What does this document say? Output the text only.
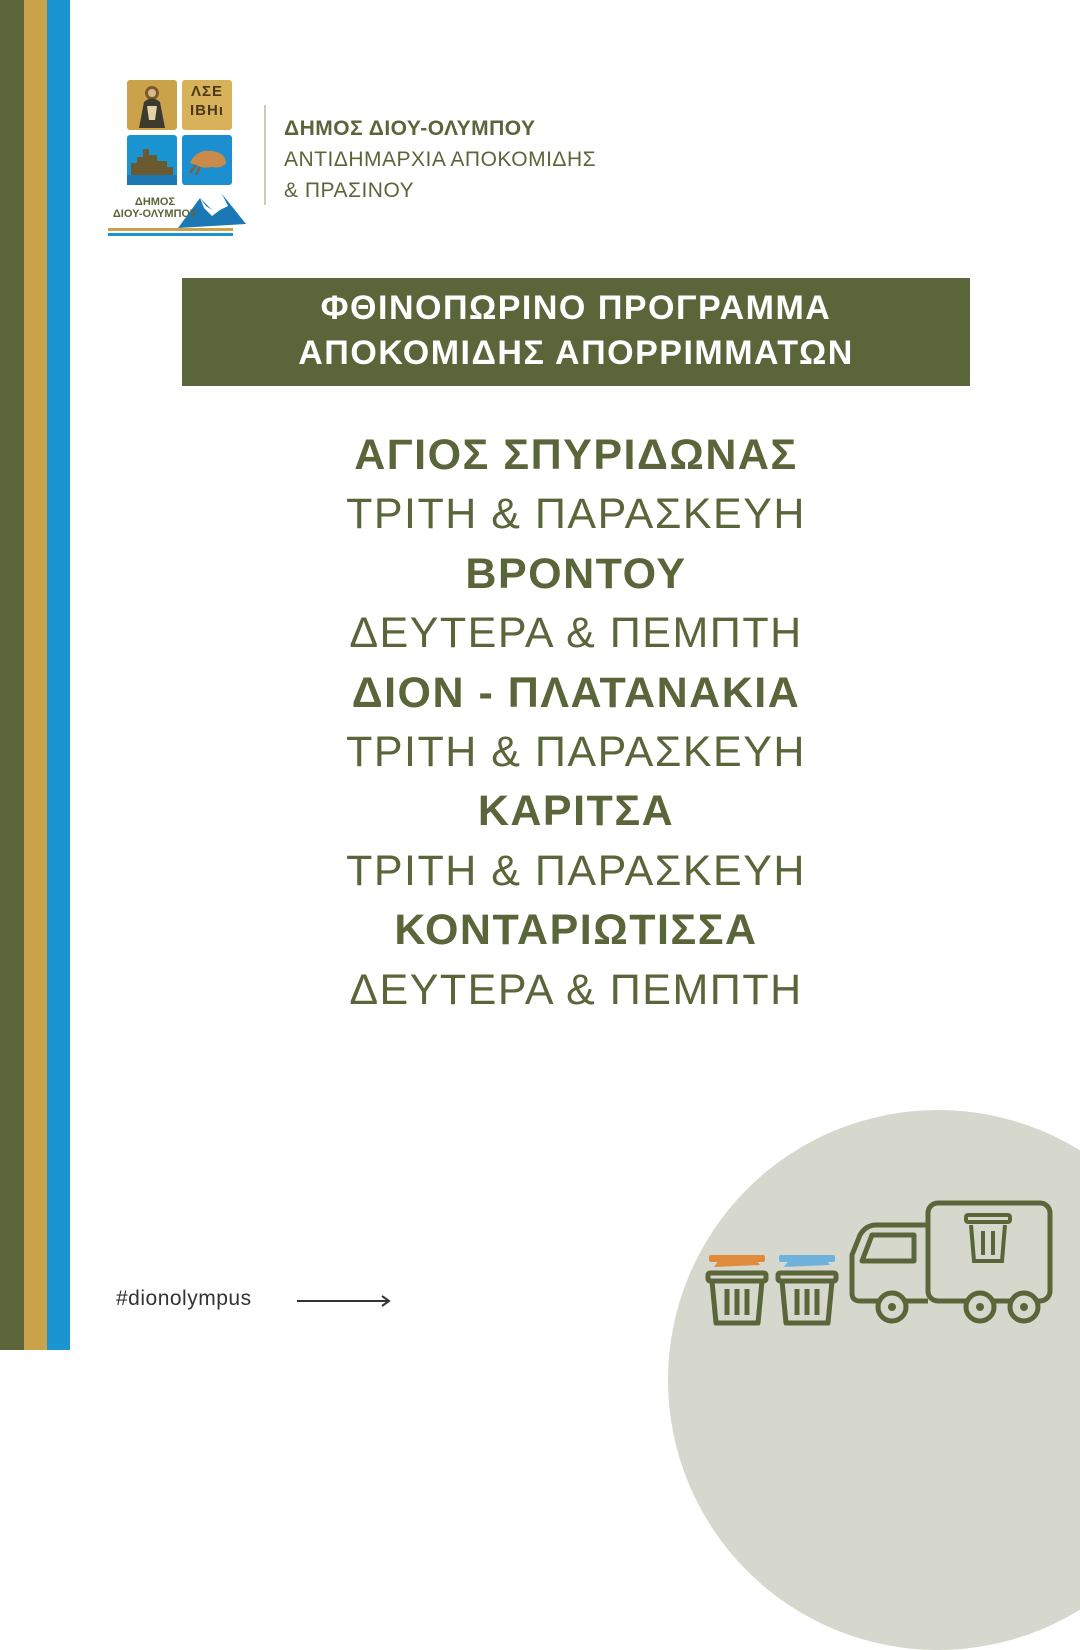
ΛΣΕ
ΙΒΗι
ΔΗΜΟΣ
ΔΙΟΥ-ΟΛΥΜΠΟΥ
ΔΗΜΟΣ ΔΙΟΥ-ΟΛΥΜΠΟΥ
ΑΝΤΙΔΗΜΑΡΧΙΑ ΑΠΟΚΟΜΙΔΗΣ
& ΠΡΑΣΙΝΟΥ
ΦΘΙΝΟΠΩΡΙΝΟ ΠΡΟΓΡΑΜΜΑ
ΑΠΟΚΟΜΙΔΗΣ ΑΠΟΡΡΙΜΜΑΤΩΝ
ΑΓΙΟΣ ΣΠΥΡΙΔΩΝΑΣ
ΤΡΙΤΗ & ΠΑΡΑΣΚΕΥΗ
ΒΡΟΝΤΟΥ
ΔΕΥΤΕΡΑ & ΠΕΜΠΤΗ
ΔΙΟΝ - ΠΛΑΤΑΝΑΚΙΑ
ΤΡΙΤΗ & ΠΑΡΑΣΚΕΥΗ
ΚΑΡΙΤΣΑ
ΤΡΙΤΗ & ΠΑΡΑΣΚΕΥΗ
ΚΟΝΤΑΡΙΩΤΙΣΣΑ
ΔΕΥΤΕΡΑ & ΠΕΜΠΤΗ
#dionolympus
